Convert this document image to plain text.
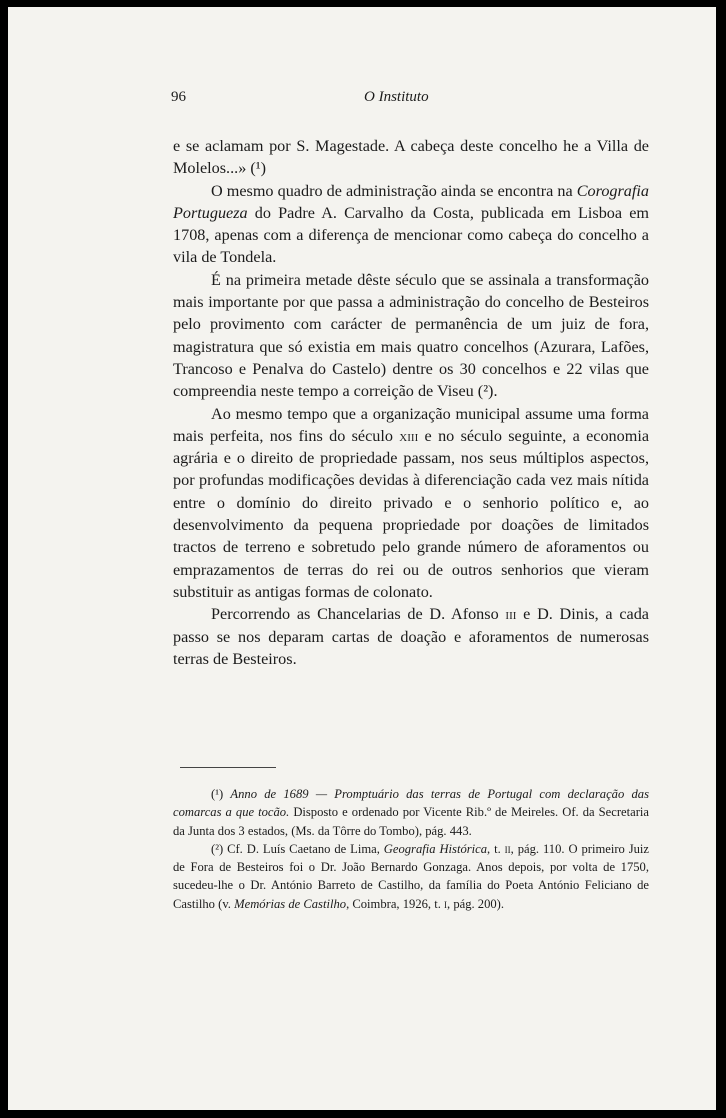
96	O Instituto

e se aclamam por S. Magestade. A cabeça deste concelho he a Villa de Molelos...» (¹)

O mesmo quadro de administração ainda se encontra na Corografia Portugueza do Padre A. Carvalho da Costa, publicada em Lisboa em 1708, apenas com a diferença de mencionar como cabeça do concelho a vila de Tondela.

É na primeira metade dêste século que se assinala a transformação mais importante por que passa a administração do concelho de Besteiros pelo provimento com carácter de permanência de um juiz de fora, magistratura que só existia em mais quatro concelhos (Azurara, Lafões, Trancoso e Penalva do Castelo) dentre os 30 concelhos e 22 vilas que compreendia neste tempo a correição de Viseu (²).

Ao mesmo tempo que a organização municipal assume uma forma mais perfeita, nos fins do século xiii e no século seguinte, a economia agrária e o direito de propriedade passam, nos seus múltiplos aspectos, por profundas modificações devidas à diferenciação cada vez mais nítida entre o domínio do direito privado e o senhorio político e, ao desenvolvimento da pequena propriedade por doações de limitados tractos de terreno e sobretudo pelo grande número de aforamentos ou emprazamentos de terras do rei ou de outros senhorios que vieram substituir as antigas formas de colonato.

Percorrendo as Chancelarias de D. Afonso iii e D. Dinis, a cada passo se nos deparam cartas de doação e aforamentos de numerosas terras de Besteiros.

(¹) Anno de 1689 — Promptuário das terras de Portugal com declaração das comarcas a que tocão. Disposto e ordenado por Vicente Rib.º de Meireles. Of. da Secretaria da Junta dos 3 estados, (Ms. da Tôrre do Tombo), pág. 443.

(²) Cf. D. Luís Caetano de Lima, Geografia Histórica, t. ii, pág. 110. O primeiro Juiz de Fora de Besteiros foi o Dr. João Bernardo Gonzaga. Anos depois, por volta de 1750, sucedeu-lhe o Dr. António Barreto de Castilho, da família do Poeta António Feliciano de Castilho (v. Memórias de Castilho, Coimbra, 1926, t. i, pág. 200).
